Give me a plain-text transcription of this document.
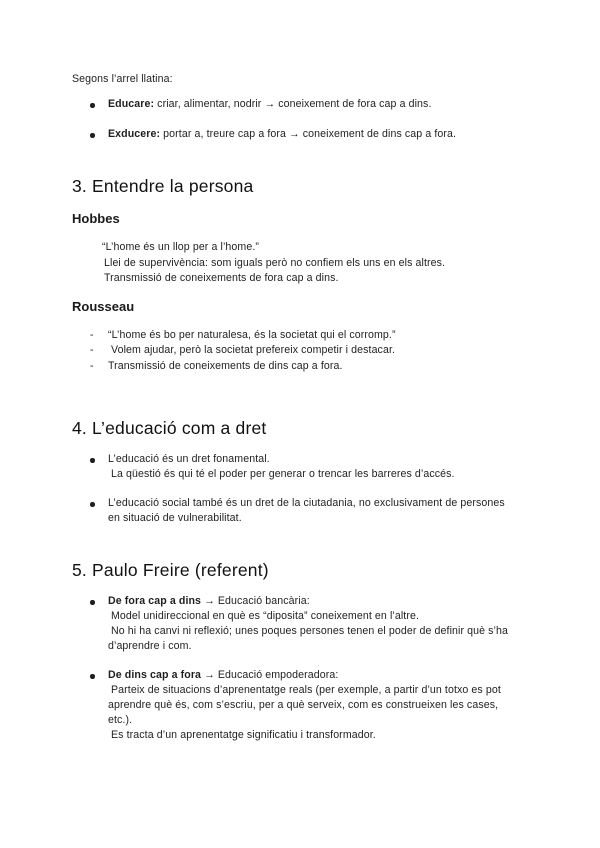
Segons l’arrel llatina:
Educare: criar, alimentar, nodrir → coneixement de fora cap a dins.
Exducere: portar a, treure cap a fora → coneixement de dins cap a fora.
3. Entendre la persona
Hobbes
“L’home és un llop per a l’home.”
Llei de supervivència: som iguals però no confiem els uns en els altres.
Transmissió de coneixements de fora cap a dins.
Rousseau
- “L’home és bo per naturalesa, és la societat qui el corromp.”
- Volem ajudar, però la societat prefereix competir i destacar.
- Transmissió de coneixements de dins cap a fora.
4. L’educació com a dret
L’educació és un dret fonamental.
La qüestió és qui té el poder per generar o trencar les barreres d’accés.
L’educació social també és un dret de la ciutadania, no exclusivament de persones
en situació de vulnerabilitat.
5. Paulo Freire (referent)
De fora cap a dins → Educació bancària:
Model unidireccional en què es “diposita” coneixement en l’altre.
No hi ha canvi ni reflexió; unes poques persones tenen el poder de definir què s’ha
d’aprendre i com.
De dins cap a fora → Educació empoderadora:
Parteix de situacions d’aprenentatge reals (per exemple, a partir d’un totxo es pot
aprendre què és, com s’escriu, per a què serveix, com es construeixen les cases,
etc.).
Es tracta d’un aprenentatge significatiu i transformador.
